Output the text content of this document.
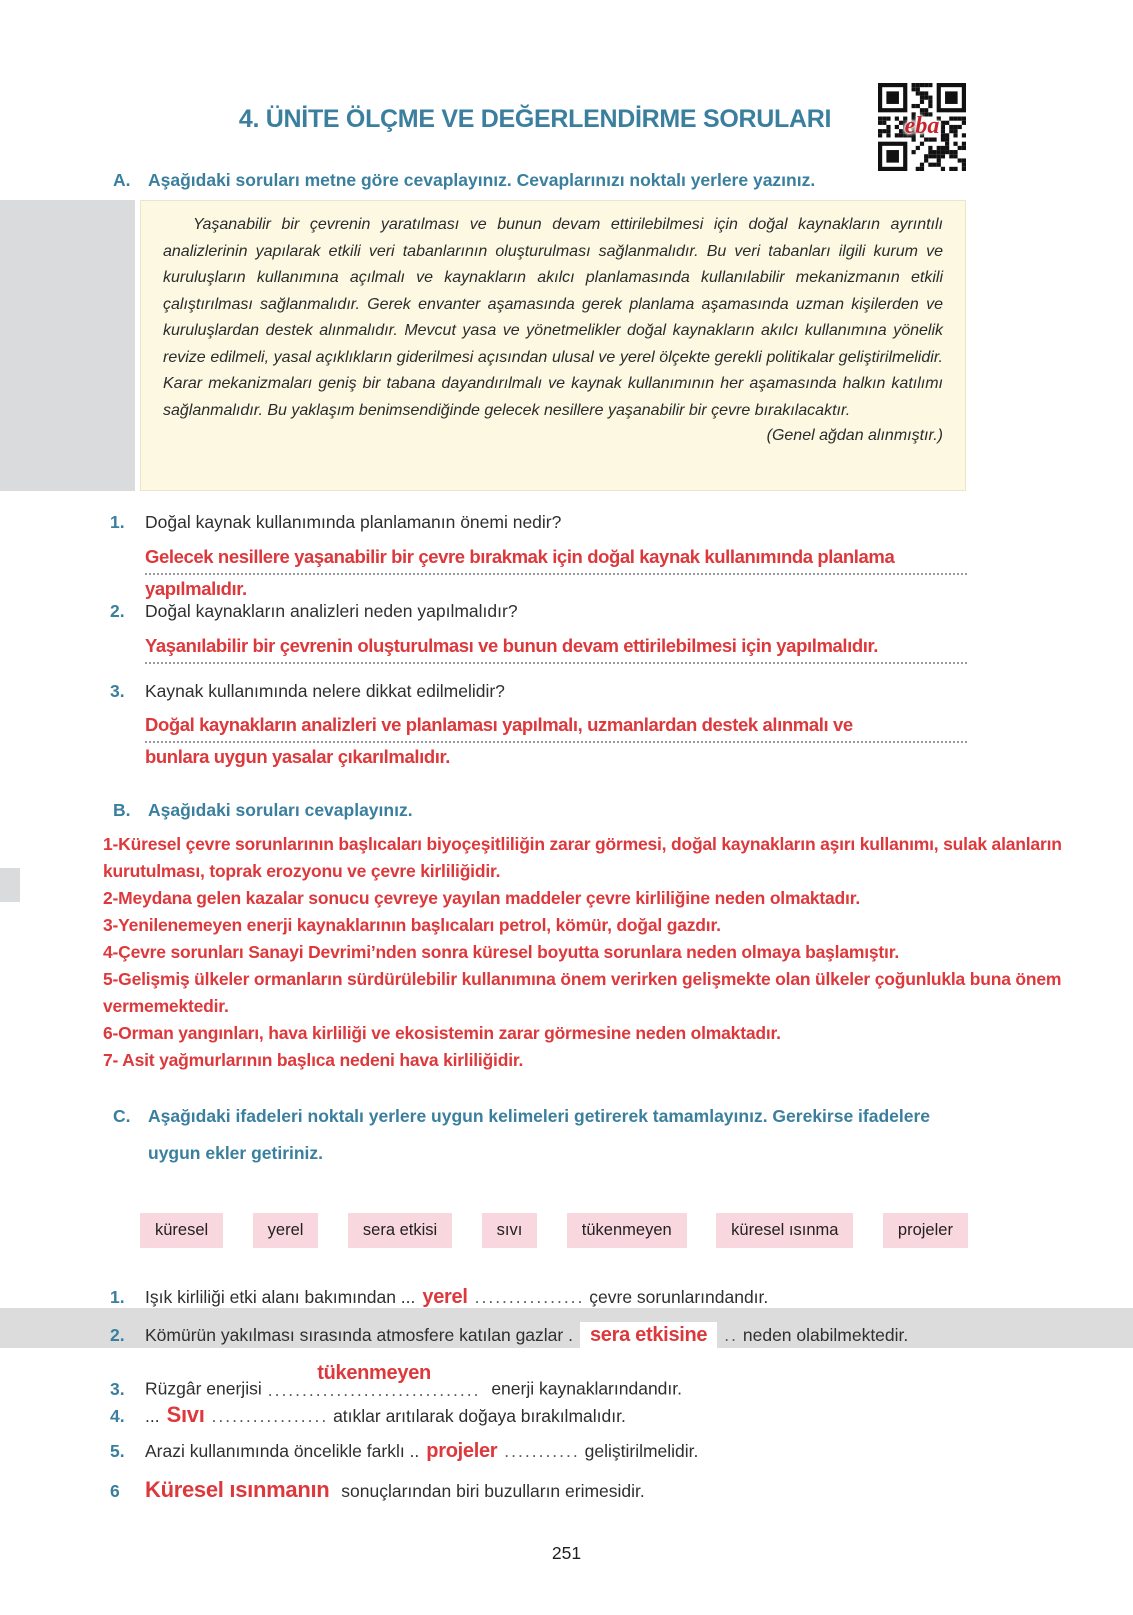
4. ÜNİTE ÖLÇME VE DEĞERLENDİRME SORULARI	eba
A.	Aşağıdaki soruları metne göre cevaplayınız. Cevaplarınızı noktalı yerlere yazınız.
Yaşanabilir bir çevrenin yaratılması ve bunun devam ettirilebilmesi için doğal kaynakların ayrıntılı analizlerinin yapılarak etkili veri tabanlarının oluşturulması sağlanmalıdır. Bu veri tabanları ilgili kurum ve kuruluşların kullanımına açılmalı ve kaynakların akılcı planlamasında kullanılabilir mekanizmanın etkili çalıştırılması sağlanmalıdır. Gerek envanter aşamasında gerek planlama aşamasında uzman kişilerden ve kuruluşlardan destek alınmalıdır. Mevcut yasa ve yönetmelikler doğal kaynakların akılcı kullanımına yönelik revize edilmeli, yasal açıklıkların giderilmesi açısından ulusal ve yerel ölçekte gerekli politikalar geliştirilmelidir. Karar mekanizmaları geniş bir tabana dayandırılmalı ve kaynak kullanımının her aşamasında halkın katılımı sağlanmalıdır. Bu yaklaşım benimsendiğinde gelecek nesillere yaşanabilir bir çevre bırakılacaktır.
(Genel ağdan alınmıştır.)
1.	Doğal kaynak kullanımında planlamanın önemi nedir?
Gelecek nesillere yaşanabilir bir çevre bırakmak için doğal kaynak kullanımında planlama
yapılmalıdır.
2.	Doğal kaynakların analizleri neden yapılmalıdır?
Yaşanılabilir bir çevrenin oluşturulması ve bunun devam ettirilebilmesi için yapılmalıdır.
3.	Kaynak kullanımında nelere dikkat edilmelidir?
Doğal kaynakların analizleri ve planlaması yapılmalı, uzmanlardan destek alınmalı ve
bunlara uygun yasalar çıkarılmalıdır.
B.	Aşağıdaki soruları cevaplayınız.
1-Küresel çevre sorunlarının başlıcaları biyoçeşitliliğin zarar görmesi, doğal kaynakların aşırı kullanımı, sulak alanların kurutulması, toprak erozyonu ve çevre kirliliğidir.
2-Meydana gelen kazalar sonucu çevreye yayılan maddeler çevre kirliliğine neden olmaktadır.
3-Yenilenemeyen enerji kaynaklarının başlıcaları petrol, kömür, doğal gazdır.
4-Çevre sorunları Sanayi Devrimi’nden sonra küresel boyutta sorunlara neden olmaya başlamıştır.
5-Gelişmiş ülkeler ormanların sürdürülebilir kullanımına önem verirken gelişmekte olan ülkeler çoğunlukla buna önem vermemektedir.
6-Orman yangınları, hava kirliliği ve ekosistemin zarar görmesine neden olmaktadır.
7- Asit yağmurlarının başlıca nedeni hava kirliliğidir.
C.	Aşağıdaki ifadeleri noktalı yerlere uygun kelimeleri getirerek tamamlayınız. Gerekirse ifadelere uygun ekler getiriniz.
küresel	yerel	sera etkisi	sıvı	tükenmeyen	küresel ısınma	projeler
1. Işık kirliliği etki alanı bakımından ... yerel ................ çevre sorunlarındandır.
2. Kömürün yakılması sırasında atmosfere katılan gazlar . sera etkisine .. neden olabilmektedir.
3. Rüzgâr enerjisi
tükenmeyen
............................... enerji kaynaklarındandır.
4. ... Sıvı ................. atıklar arıtılarak doğaya bırakılmalıdır.
5. Arazi kullanımında öncelikle farklı .. projeler ........... geliştirilmelidir.
6 Küresel ısınmanın sonuçlarından biri buzulların erimesidir.
251
